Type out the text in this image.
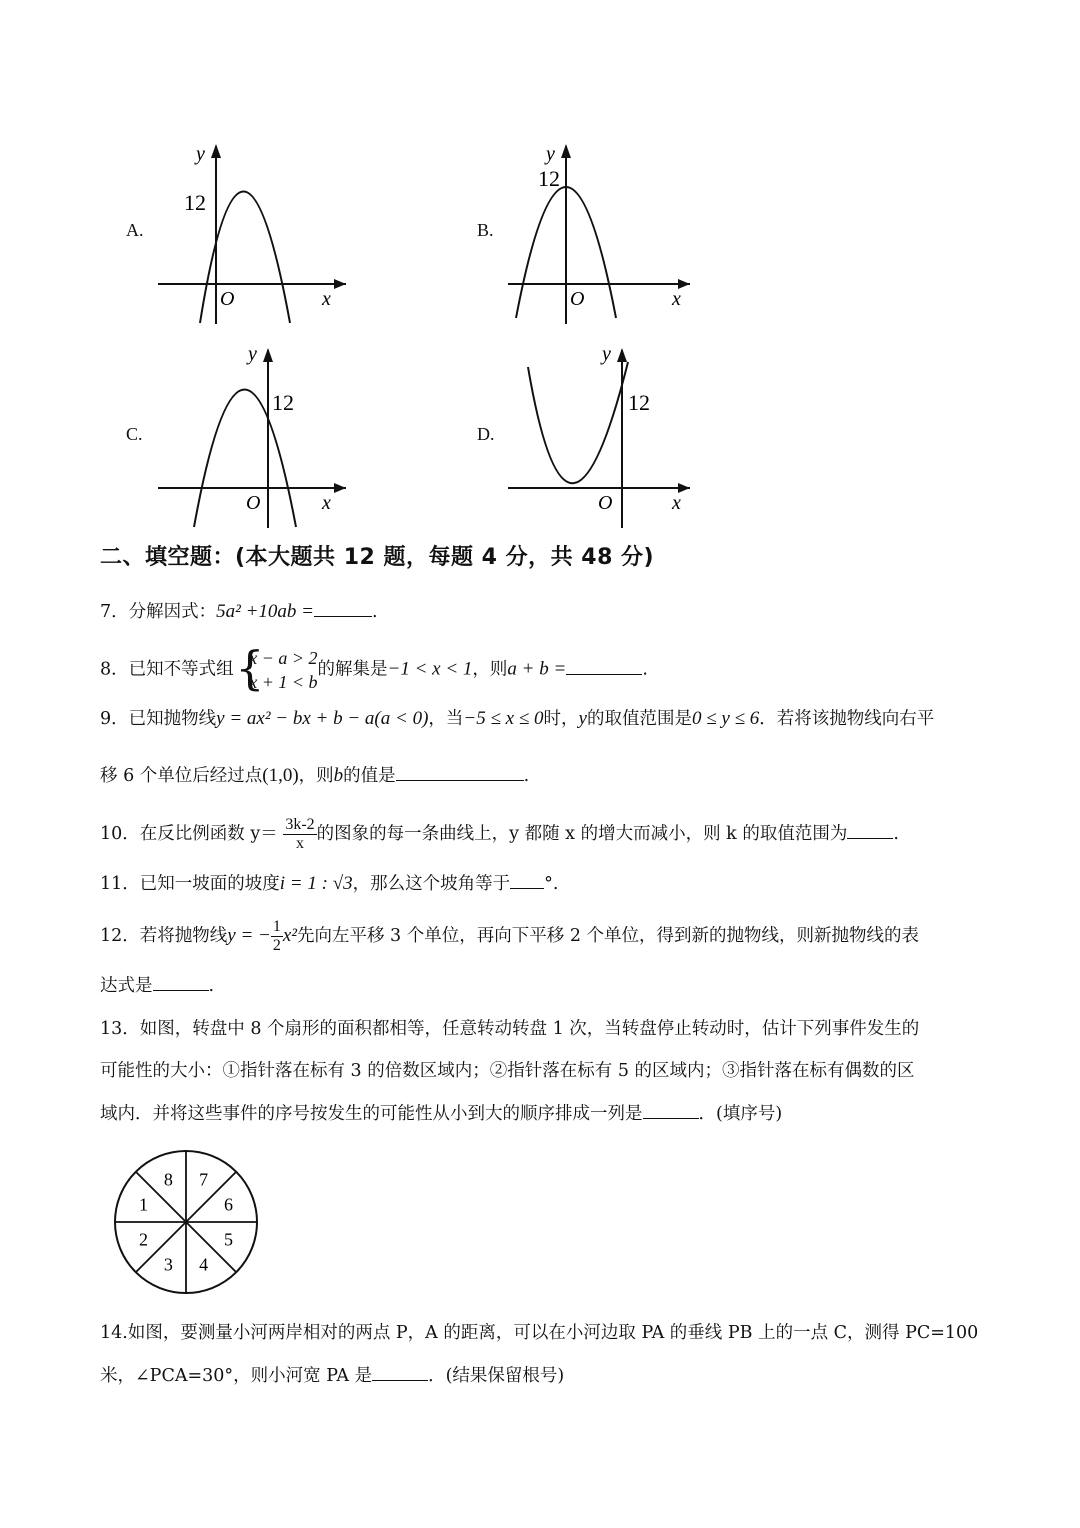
A.
y
12
O	x
B.
y
12
O	x
C.
y
12
O	x
D.
y
12
O	x
二、填空题：(本大题共 12 题，每题 4 分，共 48 分)
7．分解因式：5a² +10ab =	.
8．已知不等式组 {
x − a > 2
x + 1 < b
的解集是−1 < x < 1，则a + b =	.
9．已知抛物线y = ax² − bx + b − a(a < 0)，当−5 ≤ x ≤ 0时，y的取值范围是0 ≤ y ≤ 6．若将该抛物线向右平
移 6 个单位后经过点(1,0)，则b的值是	.
10．在反比例函数 $y= \frac{3k-2}{x}$ 的图象的每一条曲线上，y 都随 x 的增大而减小，则 k 的取值范围为	.
11．已知一坡面的坡度i = 1 : √3，那么这个坡角等于 °.
12．若将抛物线y = − $\frac{1}{2} x^2$先向左平移 3 个单位，再向下平移 2 个单位，得到新的抛物线，则新抛物线的表
达式是	.
13．如图，转盘中 8 个扇形的面积都相等，任意转动转盘 1 次，当转盘停止转动时，估计下列事件发生的
可能性的大小：①指针落在标有 3 的倍数区域内；②指针落在标有 5 的区域内；③指针落在标有偶数的区
域内．并将这些事件的序号按发生的可能性从小到大的顺序排成一列是	．(填序号)
8 7
6
5
4
3
2
1
14.如图，要测量小河两岸相对的两点 P，A 的距离，可以在小河边取 PA 的垂线 PB 上的一点 C，测得 PC=100
米，∠PCA=30°，则小河宽 PA 是	．(结果保留根号)
